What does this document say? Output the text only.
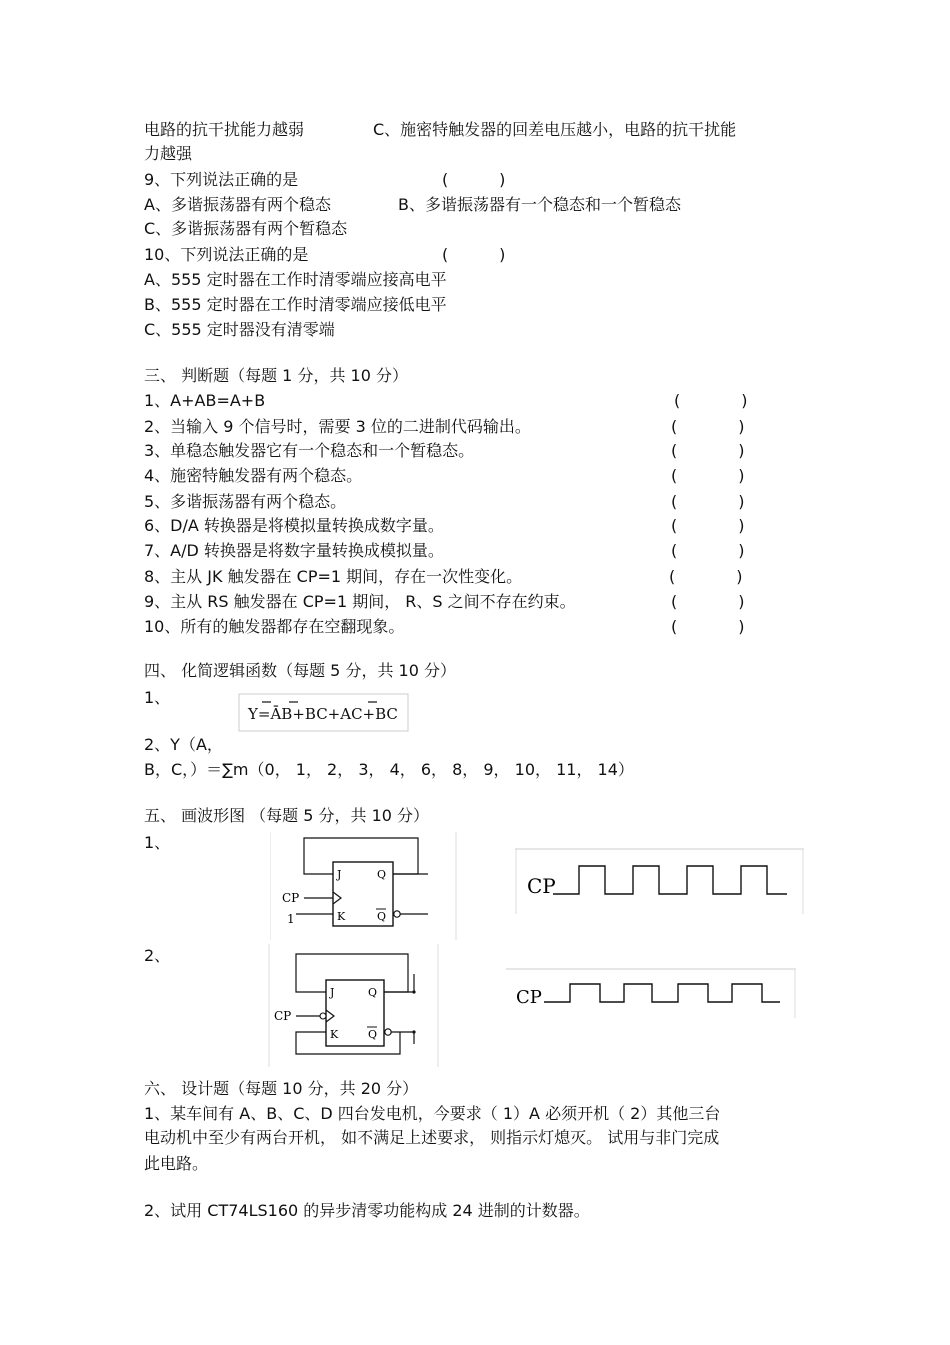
电路的抗干扰能力越弱	C、施密特触发器的回差电压越小，电路的抗干扰能
力越强
9、下列说法正确的是	(          )
A、多谐振荡器有两个稳态	B、多谐振荡器有一个稳态和一个暂稳态
C、多谐振荡器有两个暂稳态
10、下列说法正确的是	(          )
A、555 定时器在工作时清零端应接高电平
B、555 定时器在工作时清零端应接低电平
C、555 定时器没有清零端
三、 判断题（每题 1 分，共 10 分）
1、A+AB=A+B	(            )
2、当输入 9 个信号时，需要 3 位的二进制代码输出。	(            )
3、单稳态触发器它有一个稳态和一个暂稳态。	(            )
4、施密特触发器有两个稳态。	(            )
5、多谐振荡器有两个稳态。	(            )
6、D/A 转换器是将模拟量转换成数字量。	(            )
7、A/D 转换器是将数字量转换成模拟量。	(            )
8、主从 JK 触发器在 CP=1 期间，存在一次性变化。	(            )
9、主从 RS 触发器在 CP=1 期间， R、S 之间不存在约束。	(            )
10、所有的触发器都存在空翻现象。	(            )
四、 化简逻辑函数（每题 5 分，共 10 分）
1、
Y=ĀB+BC+AC+BC
2、Y（A，
B，C，）＝∑m（0， 1， 2， 3， 4， 6， 8， 9， 10， 11， 14）
五、 画波形图 （每题 5 分，共 10 分）
1、
J	Q
K	Q
CP
1
CP
2、
J	Q
K	Q
CP
CP
六、 设计题（每题 10 分，共 20 分）
1、某车间有 A、B、C、D 四台发电机，今要求（ 1）A 必须开机（ 2）其他三台
电动机中至少有两台开机， 如不满足上述要求， 则指示灯熄灭。 试用与非门完成
此电路。
2、试用 CT74LS160 的异步清零功能构成 24 进制的计数器。
